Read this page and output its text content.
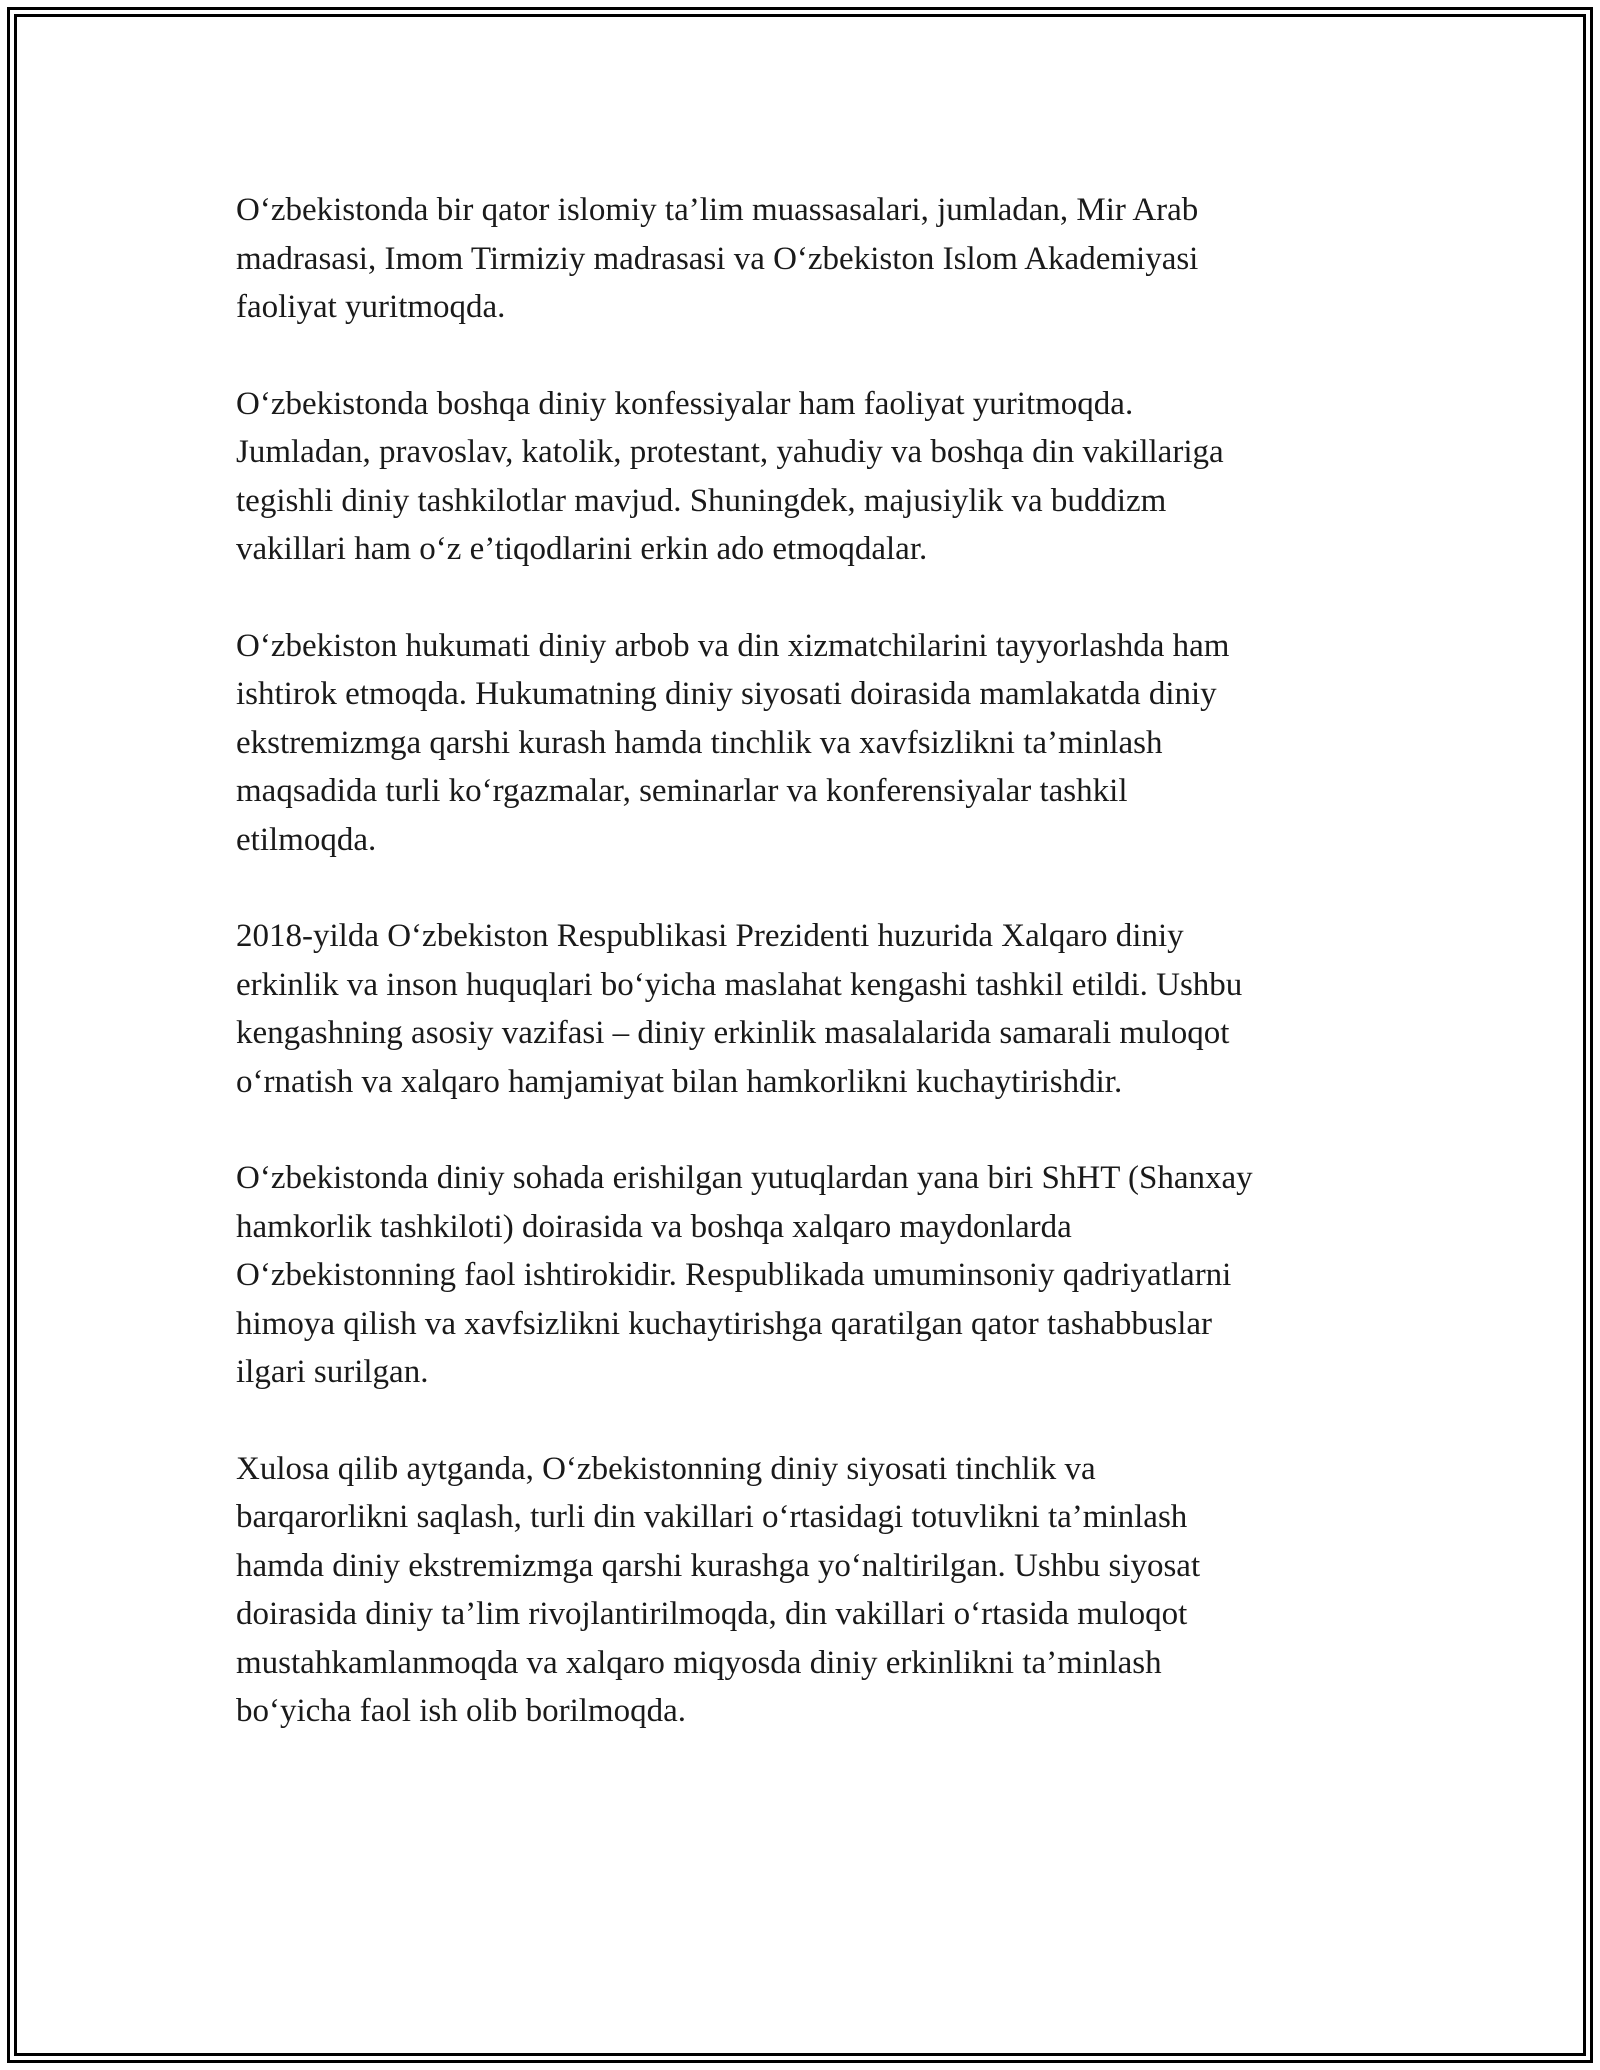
O‘zbekistonda bir qator islomiy ta’lim muassasalari, jumladan, Mir Arab
madrasasi, Imom Tirmiziy madrasasi va O‘zbekiston Islom Akademiyasi
faoliyat yuritmoqda.

O‘zbekistonda boshqa diniy konfessiyalar ham faoliyat yuritmoqda.
Jumladan, pravoslav, katolik, protestant, yahudiy va boshqa din vakillariga
tegishli diniy tashkilotlar mavjud. Shuningdek, majusiylik va buddizm
vakillari ham o‘z e’tiqodlarini erkin ado etmoqdalar.

O‘zbekiston hukumati diniy arbob va din xizmatchilarini tayyorlashda ham
ishtirok etmoqda. Hukumatning diniy siyosati doirasida mamlakatda diniy
ekstremizmga qarshi kurash hamda tinchlik va xavfsizlikni ta’minlash
maqsadida turli ko‘rgazmalar, seminarlar va konferensiyalar tashkil
etilmoqda.

2018-yilda O‘zbekiston Respublikasi Prezidenti huzurida Xalqaro diniy
erkinlik va inson huquqlari bo‘yicha maslahat kengashi tashkil etildi. Ushbu
kengashning asosiy vazifasi – diniy erkinlik masalalarida samarali muloqot
o‘rnatish va xalqaro hamjamiyat bilan hamkorlikni kuchaytirishdir.

O‘zbekistonda diniy sohada erishilgan yutuqlardan yana biri ShHT (Shanxay
hamkorlik tashkiloti) doirasida va boshqa xalqaro maydonlarda
O‘zbekistonning faol ishtirokidir. Respublikada umuminsoniy qadriyatlarni
himoya qilish va xavfsizlikni kuchaytirishga qaratilgan qator tashabbuslar
ilgari surilgan.

Xulosa qilib aytganda, O‘zbekistonning diniy siyosati tinchlik va
barqarorlikni saqlash, turli din vakillari o‘rtasidagi totuvlikni ta’minlash
hamda diniy ekstremizmga qarshi kurashga yo‘naltirilgan. Ushbu siyosat
doirasida diniy ta’lim rivojlantirilmoqda, din vakillari o‘rtasida muloqot
mustahkamlanmoqda va xalqaro miqyosda diniy erkinlikni ta’minlash
bo‘yicha faol ish olib borilmoqda.
